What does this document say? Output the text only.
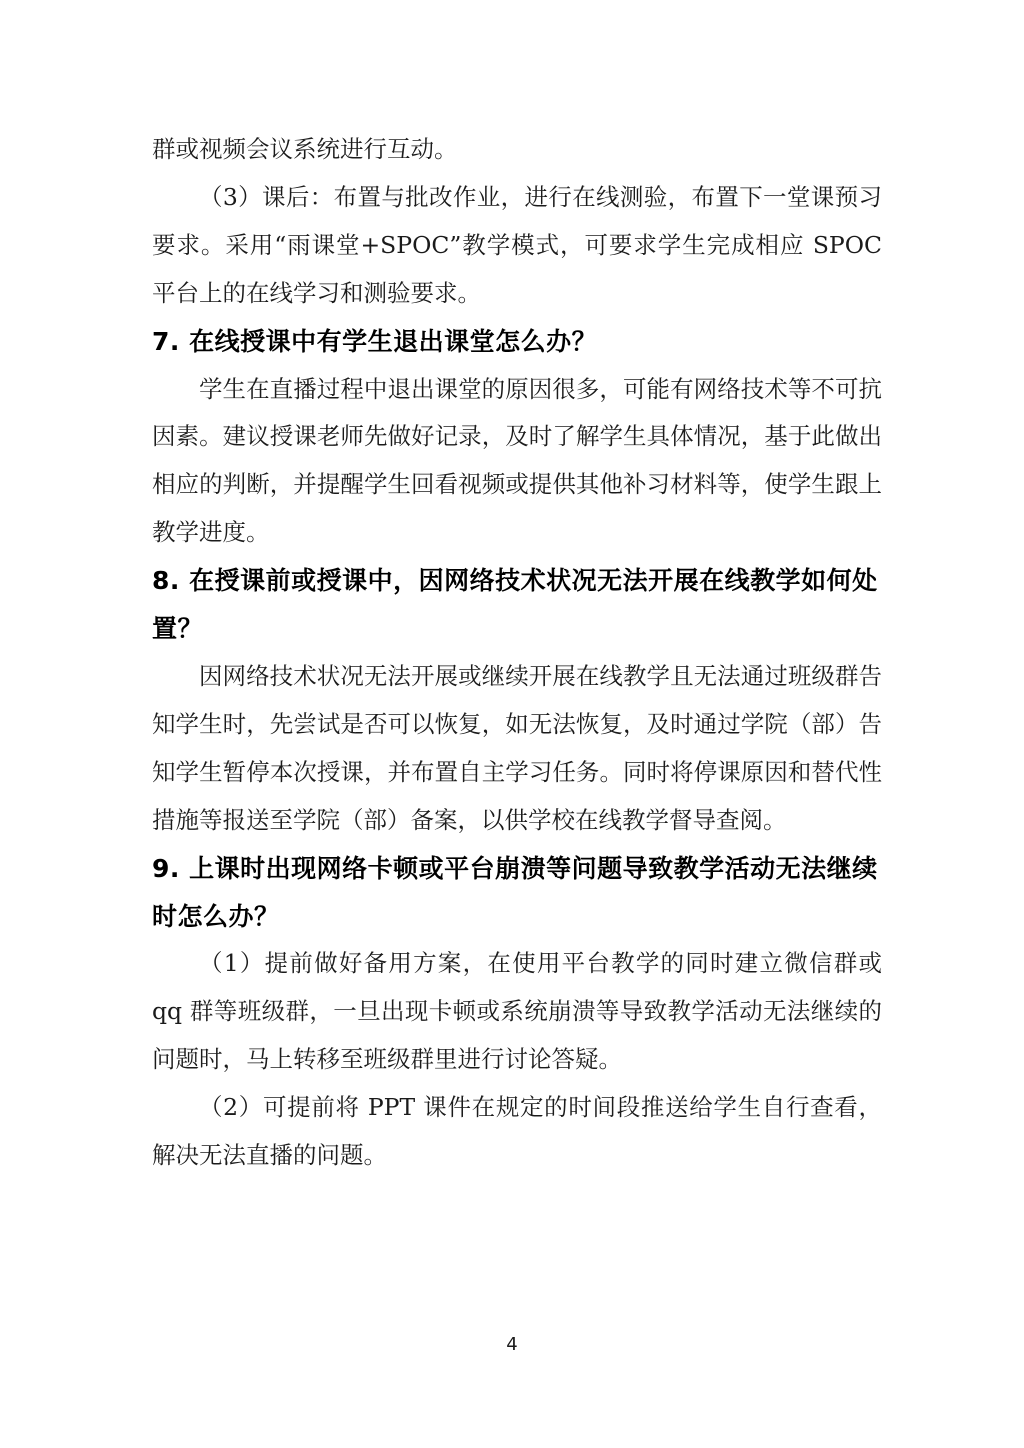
群或视频会议系统进行互动。

（3）课后：布置与批改作业，进行在线测验，布置下一堂课预习要求。采用“雨课堂+SPOC”教学模式，可要求学生完成相应 SPOC 平台上的在线学习和测验要求。

7. 在线授课中有学生退出课堂怎么办？

学生在直播过程中退出课堂的原因很多，可能有网络技术等不可抗因素。建议授课老师先做好记录，及时了解学生具体情况，基于此做出相应的判断，并提醒学生回看视频或提供其他补习材料等，使学生跟上教学进度。

8. 在授课前或授课中，因网络技术状况无法开展在线教学如何处置？

因网络技术状况无法开展或继续开展在线教学且无法通过班级群告知学生时，先尝试是否可以恢复，如无法恢复，及时通过学院（部）告知学生暂停本次授课，并布置自主学习任务。同时将停课原因和替代性措施等报送至学院（部）备案，以供学校在线教学督导查阅。

9. 上课时出现网络卡顿或平台崩溃等问题导致教学活动无法继续时怎么办？

（1）提前做好备用方案，在使用平台教学的同时建立微信群或 qq 群等班级群，一旦出现卡顿或系统崩溃等导致教学活动无法继续的问题时，马上转移至班级群里进行讨论答疑。

（2）可提前将 PPT 课件在规定的时间段推送给学生自行查看，解决无法直播的问题。

4
